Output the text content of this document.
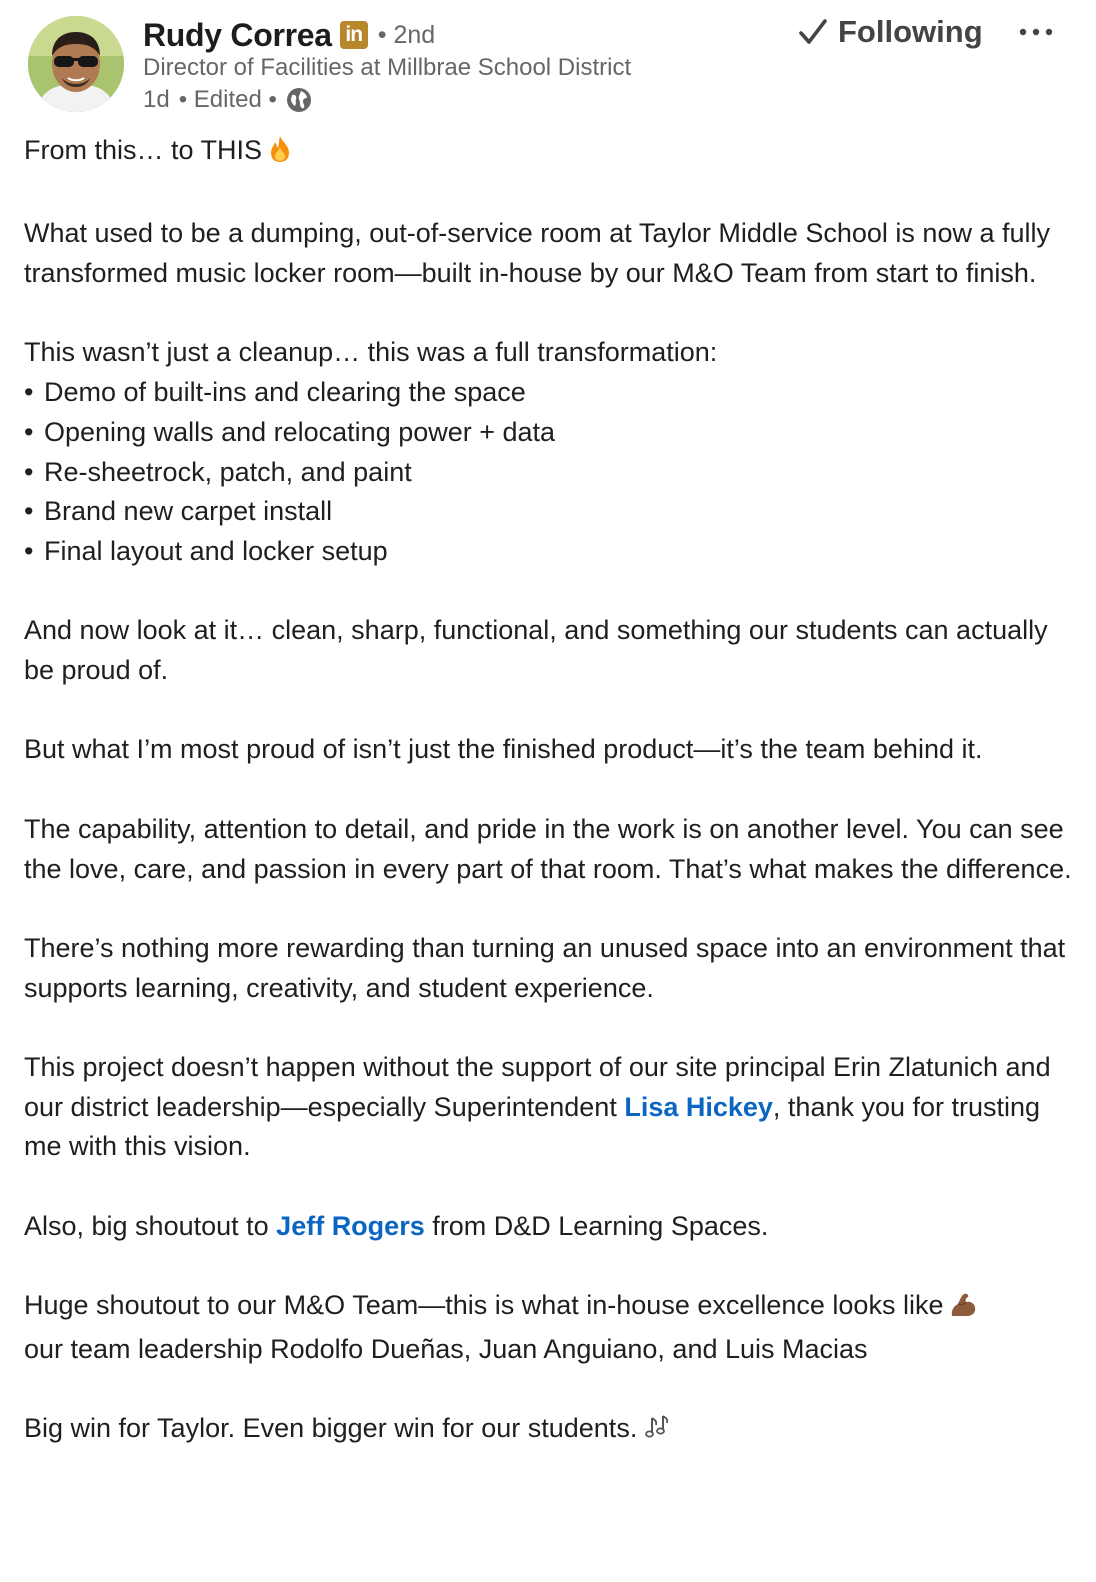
Rudy Correa in • 2nd
Director of Facilities at Millbrae School District
1d • Edited •
Following

From this… to THIS

What used to be a dumping, out-of-service room at Taylor Middle School is now a fully transformed music locker room—built in-house by our M&O Team from start to finish.

This wasn’t just a cleanup… this was a full transformation:

• Demo of built-ins and clearing the space
• Opening walls and relocating power + data
• Re-sheetrock, patch, and paint
• Brand new carpet install
• Final layout and locker setup

And now look at it… clean, sharp, functional, and something our students can actually be proud of.

But what I’m most proud of isn’t just the finished product—it’s the team behind it.

The capability, attention to detail, and pride in the work is on another level. You can see the love, care, and passion in every part of that room. That’s what makes the difference.

There’s nothing more rewarding than turning an unused space into an environment that supports learning, creativity, and student experience.

This project doesn’t happen without the support of our site principal Erin Zlatunich and our district leadership—especially Superintendent Lisa Hickey, thank you for trusting me with this vision.

Also, big shoutout to Jeff Rogers from D&D Learning Spaces.

Huge shoutout to our M&O Team—this is what in-house excellence looks like
our team leadership Rodolfo Dueñas, Juan Anguiano, and Luis Macias

Big win for Taylor. Even bigger win for our students.
